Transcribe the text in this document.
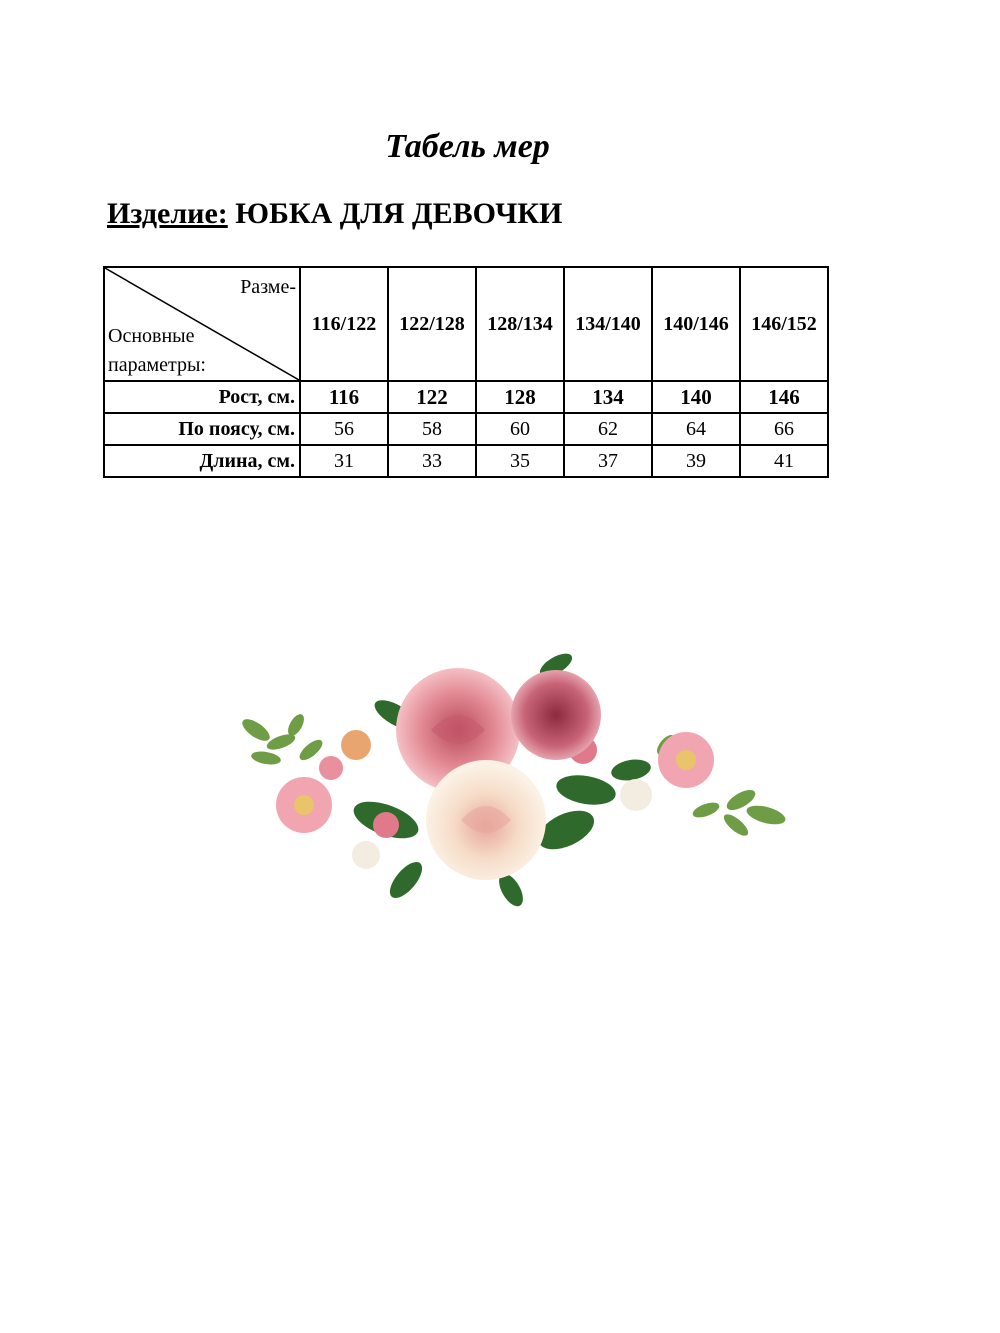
Табель мер
Изделие: ЮБКА ДЛЯ ДЕВОЧКИ
Разме-
Основные
параметры:	116/122	122/128	128/134	134/140	140/146	146/152
Рост, см.	116	122	128	134	140	146
По поясу, см.	56	58	60	62	64	66
Длина, см.	31	33	35	37	39	41
